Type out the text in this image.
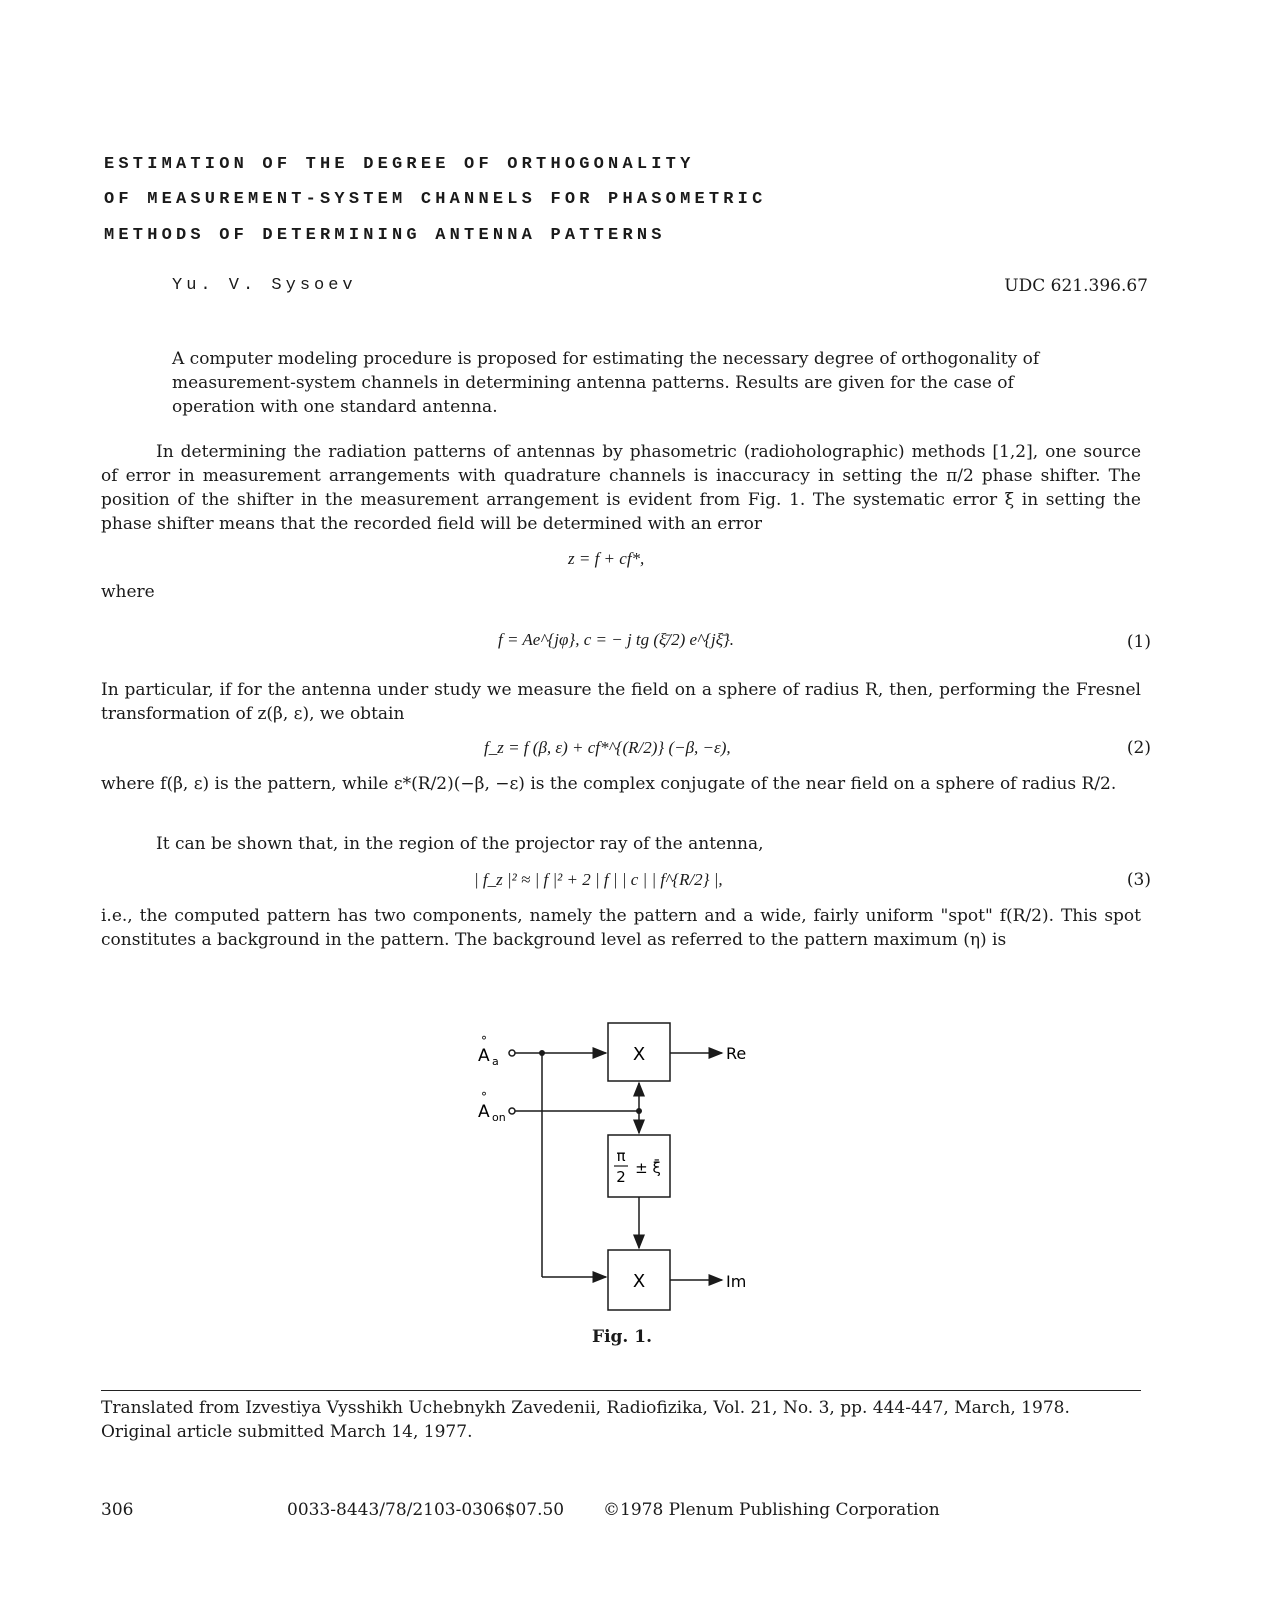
ESTIMATION OF THE DEGREE OF ORTHOGONALITY
OF MEASUREMENT-SYSTEM CHANNELS FOR PHASOMETRIC
METHODS OF DETERMINING ANTENNA PATTERNS
Yu. V. Sysoev	UDC 621.396.67
A computer modeling procedure is proposed for estimating the necessary degree of orthogonality of measurement-system channels in determining antenna patterns. Results are given for the case of operation with one standard antenna.
In determining the radiation patterns of antennas by phasometric (radioholographic) methods [1,2], one source of error in measurement arrangements with quadrature channels is inaccuracy in setting the π/2 phase shifter. The position of the shifter in the measurement arrangement is evident from Fig. 1. The systematic error ξ in setting the phase shifter means that the recorded field will be determined with an error
z = f + cf*,
where
f = Ae^{jφ}, c = − j tg (ξ̄/2) e^{jξ̄}.	(1)
In particular, if for the antenna under study we measure the field on a sphere of radius R, then, performing the Fresnel transformation of z(β, ε), we obtain
f_z = f (β, ε) + cf*^{(R/2)} (−β, −ε),	(2)
where f(β, ε) is the pattern, while ε*(R/2)(−β, −ε) is the complex conjugate of the near field on a sphere of radius R/2.
It can be shown that, in the region of the projector ray of the antenna,
| f_z |² ≈ | f |² + 2 | f | | c | | f^{R/2} |,	(3)
i.e., the computed pattern has two components, namely the pattern and a wide, fairly uniform "spot" f(R/2). This spot constitutes a background in the pattern. The background level as referred to the pattern maximum (η) is
A
°
a
A
°
on
X
X
π
2 ± ξ̄
Re
Im
Fig. 1.
Translated from Izvestiya Vysshikh Uchebnykh Zavedenii, Radiofizika, Vol. 21, No. 3, pp. 444-447, March, 1978. Original article submitted March 14, 1977.
306	0033-8443/78/2103-0306$07.50 ©1978 Plenum Publishing Corporation
